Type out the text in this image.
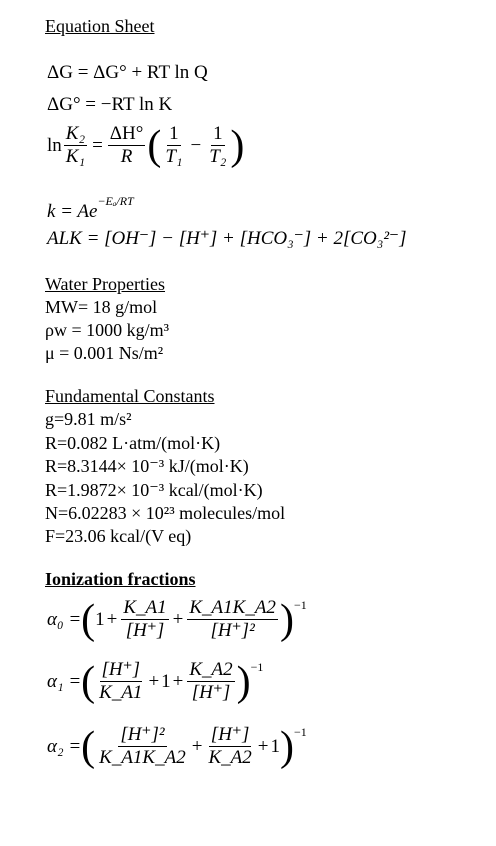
Equation Sheet
ΔG = ΔG° + RT ln Q
ΔG° = −RT ln K
$\ln \frac{\text{K₂}}{\text{K₁}} = \frac{\Delta H^\circ}{R}$ ( $\frac{1}{\text{T₁}} - \frac{1}{\text{T₂}}$ )
$k = Ae^{-E_a/RT}$
ALK = [OH⁻] − [H⁺] + [HCO₃⁻] + 2[CO₃²⁻]
Water Properties
MW= 18 g/mol
ρw = 1000 kg/m³
μ = 0.001 Ns/m²
Fundamental Constants
g=9.81 m/s²
R=0.082 L·atm/(mol·K)
R=8.3144× 10⁻³ kJ/(mol·K)
R=1.9872× 10⁻³ kcal/(mol·K)
N=6.02283 × 10²³ molecules/mol
F=23.06 kcal/(V eq)
Ionization fractions
α₀ = ( $1 + \frac{K\_A1}{[H^+]} + \frac{K\_A1K\_A2}{\text{[H⁺]²}}$ ) −1
α₁ = ( $\frac{[H^+]}{K\_A1} + 1 + \frac{K\_A2}{[H^+]}$ ) −1
α₂ = ( $\frac{\text{[H⁺]²}}{K\_A1K\_A2} + \frac{[H^+]}{K\_A2} + 1$ ) −1
